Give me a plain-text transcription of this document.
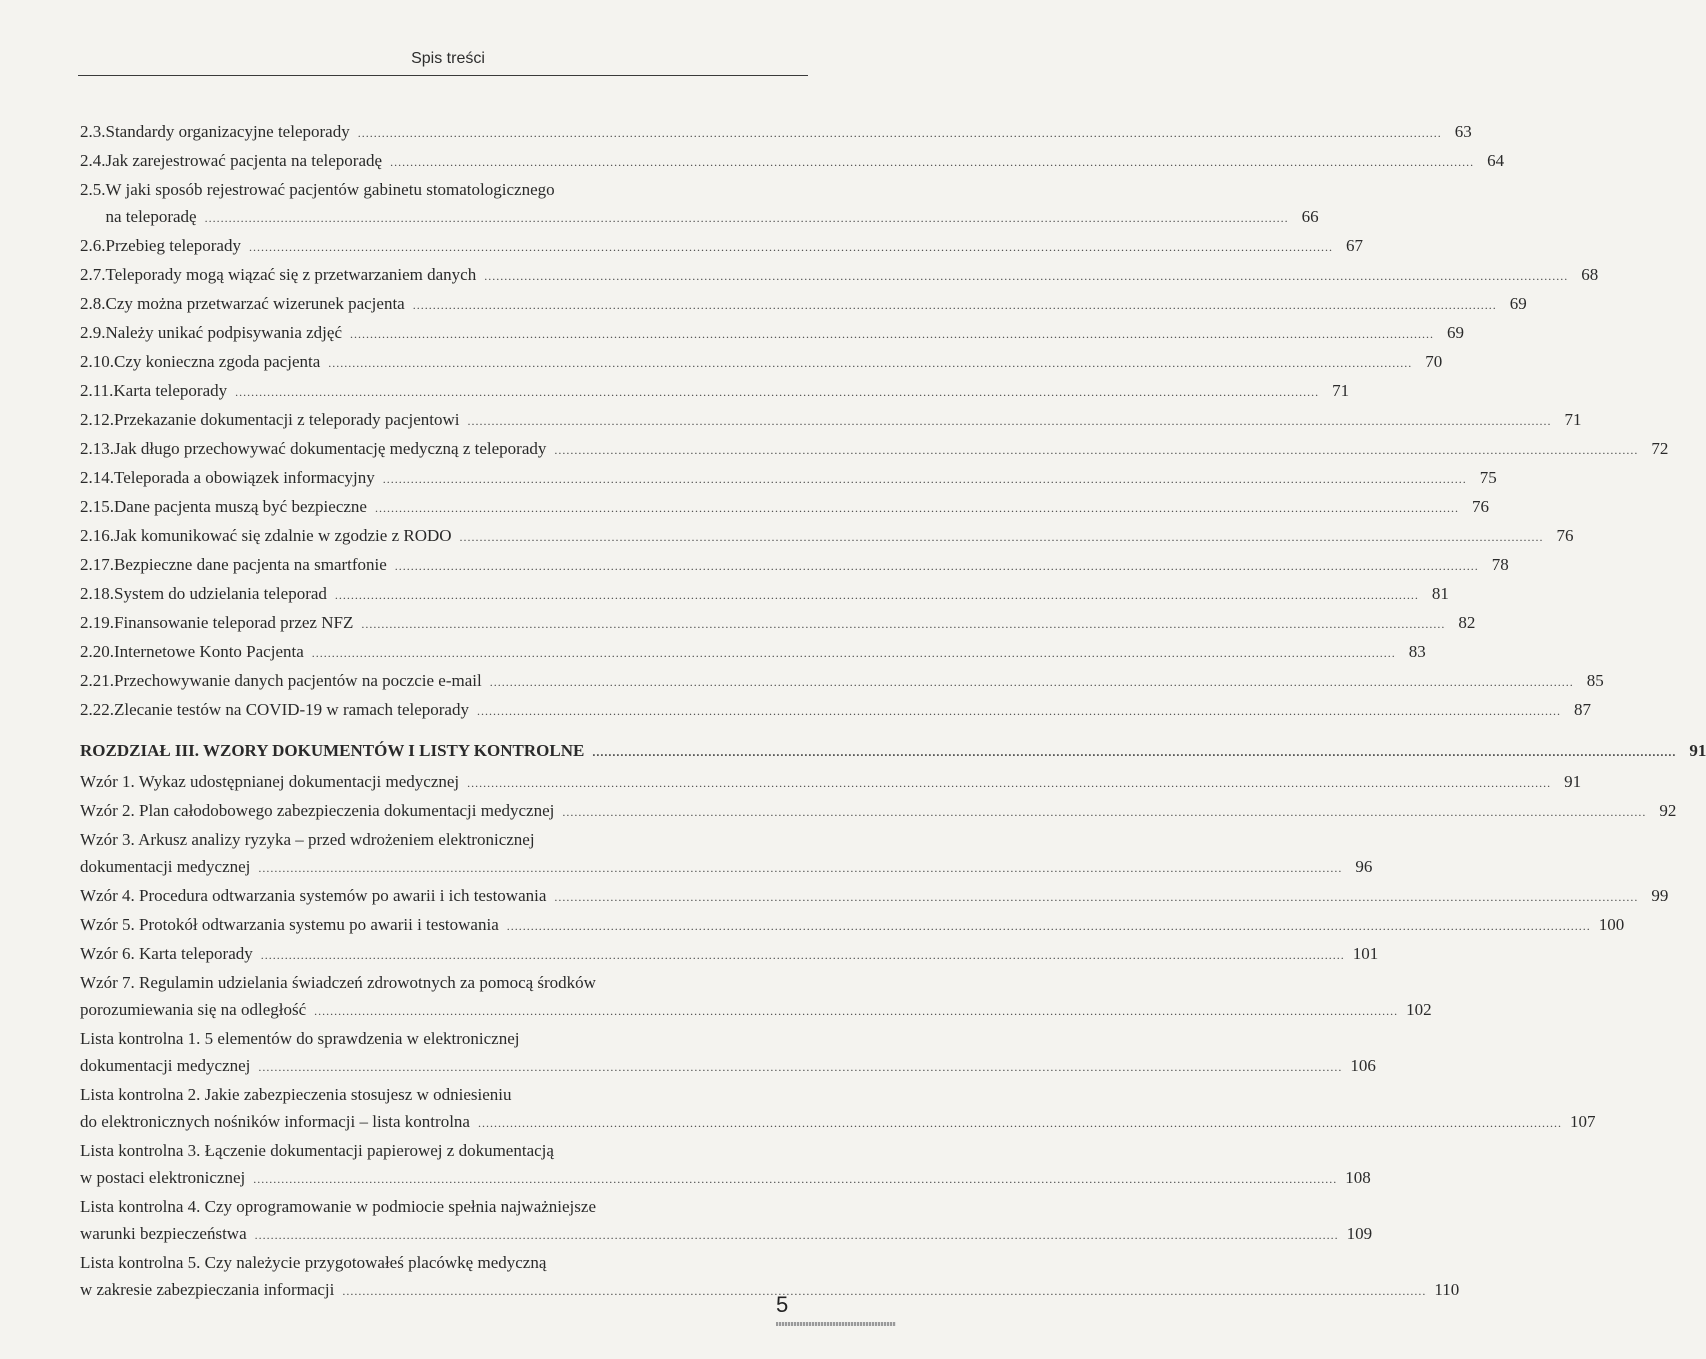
Spis treści
2.3. Standardy organizacyjne teleporady .....	63
2.4. Jak zarejestrować pacjenta na teleporadę .....	64
2.5. W jaki sposób rejestrować pacjentów gabinetu stomatologicznego
na teleporadę .....	66
2.6. Przebieg teleporady .....	67
2.7. Teleporady mogą wiązać się z przetwarzaniem danych .....	68
2.8. Czy można przetwarzać wizerunek pacjenta .....	69
2.9. Należy unikać podpisywania zdjęć .....	69
2.10. Czy konieczna zgoda pacjenta .....	70
2.11. Karta teleporady .....	71
2.12. Przekazanie dokumentacji z teleporady pacjentowi .....	71
2.13. Jak długo przechowywać dokumentację medyczną z teleporady .....	72
2.14. Teleporada a obowiązek informacyjny .....	75
2.15. Dane pacjenta muszą być bezpieczne .....	76
2.16. Jak komunikować się zdalnie w zgodzie z RODO .....	76
2.17. Bezpieczne dane pacjenta na smartfonie .....	78
2.18. System do udzielania teleporad .....	81
2.19. Finansowanie teleporad przez NFZ .....	82
2.20. Internetowe Konto Pacjenta .....	83
2.21. Przechowywanie danych pacjentów na poczcie e-mail .....	85
2.22. Zlecanie testów na COVID-19 w ramach teleporady .....	87
ROZDZIAŁ III. WZORY DOKUMENTÓW I LISTY KONTROLNE .....	91
Wzór 1. Wykaz udostępnianej dokumentacji medycznej .....	91
Wzór 2. Plan całodobowego zabezpieczenia dokumentacji medycznej .....	92
Wzór 3. Arkusz analizy ryzyka – przed wdrożeniem elektronicznej
dokumentacji medycznej .....	96
Wzór 4. Procedura odtwarzania systemów po awarii i ich testowania .....	99
Wzór 5. Protokół odtwarzania systemu po awarii i testowania .....	100
Wzór 6. Karta teleporady .....	101
Wzór 7. Regulamin udzielania świadczeń zdrowotnych za pomocą środków
porozumiewania się na odległość .....	102
Lista kontrolna 1. 5 elementów do sprawdzenia w elektronicznej
dokumentacji medycznej .....	106
Lista kontrolna 2. Jakie zabezpieczenia stosujesz w odniesieniu
do elektronicznych nośników informacji – lista kontrolna .....	107
Lista kontrolna 3. Łączenie dokumentacji papierowej z dokumentacją
w postaci elektronicznej .....	108
Lista kontrolna 4. Czy oprogramowanie w podmiocie spełnia najważniejsze
warunki bezpieczeństwa .....	109
Lista kontrolna 5. Czy należycie przygotowałeś placówkę medyczną
w zakresie zabezpieczania informacji .....	110
5
